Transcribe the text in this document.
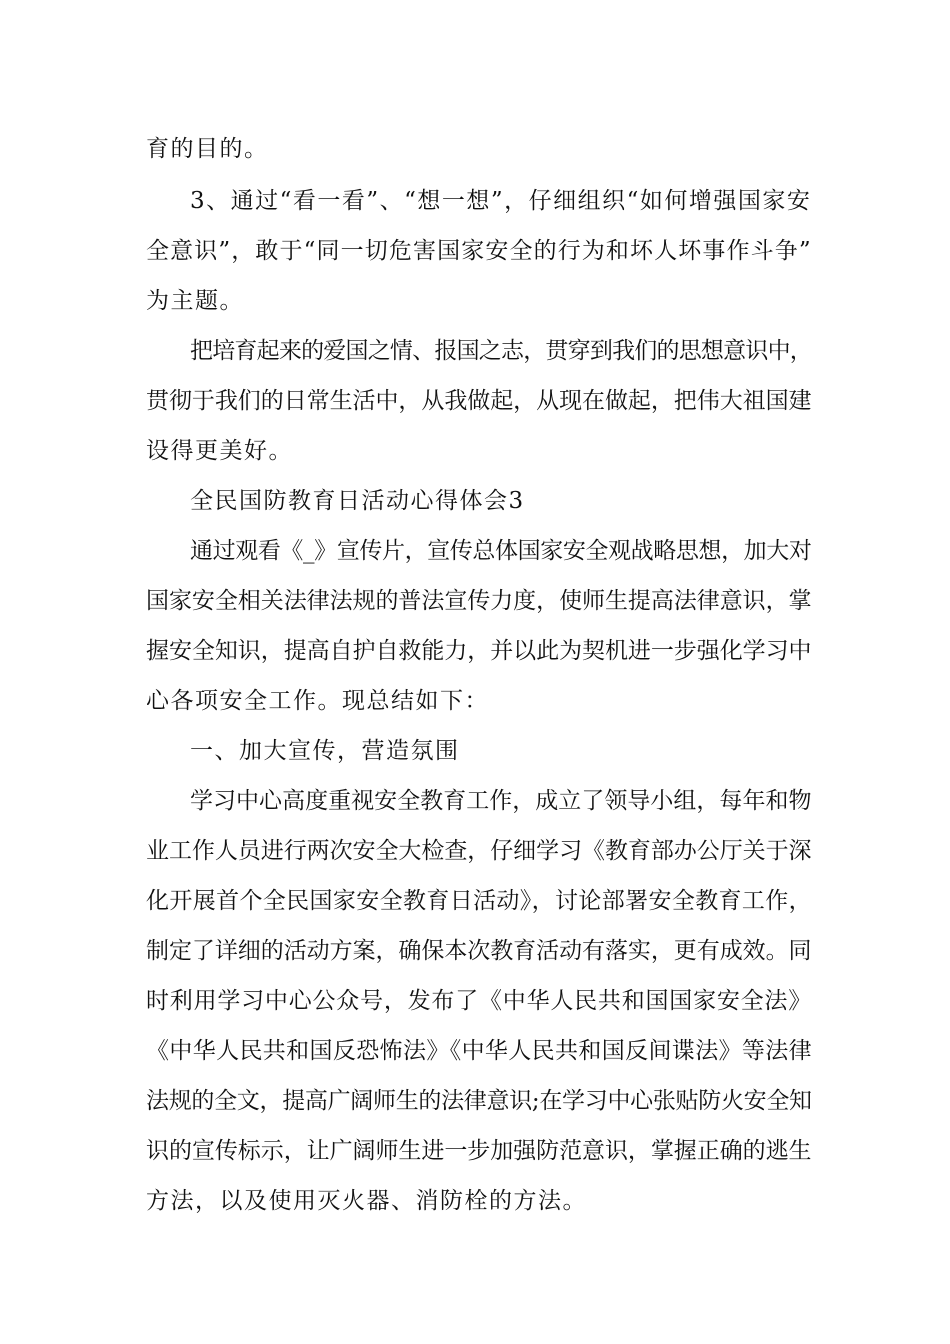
育的目的。
3、通过“看一看”、“想一想”，仔细组织“如何增强国家安
全意识”，敢于“同一切危害国家安全的行为和坏人坏事作斗争”
为主题。
把培育起来的爱国之情、报国之志，贯穿到我们的思想意识中，
贯彻于我们的日常生活中，从我做起，从现在做起，把伟大祖国建
设得更美好。
全民国防教育日活动心得体会3
通过观看《_》宣传片，宣传总体国家安全观战略思想，加大对
国家安全相关法律法规的普法宣传力度，使师生提高法律意识，掌
握安全知识，提高自护自救能力，并以此为契机进一步强化学习中
心各项安全工作。现总结如下：
一、加大宣传，营造氛围
学习中心高度重视安全教育工作，成立了领导小组，每年和物
业工作人员进行两次安全大检查，仔细学习《教育部办公厅关于深
化开展首个全民国家安全教育日活动》，讨论部署安全教育工作，
制定了详细的活动方案，确保本次教育活动有落实，更有成效。同
时利用学习中心公众号，发布了《中华人民共和国国家安全法》
《中华人民共和国反恐怖法》《中华人民共和国反间谍法》等法律
法规的全文，提高广阔师生的法律意识;在学习中心张贴防火安全知
识的宣传标示，让广阔师生进一步加强防范意识，掌握正确的逃生
方法，以及使用灭火器、消防栓的方法。
